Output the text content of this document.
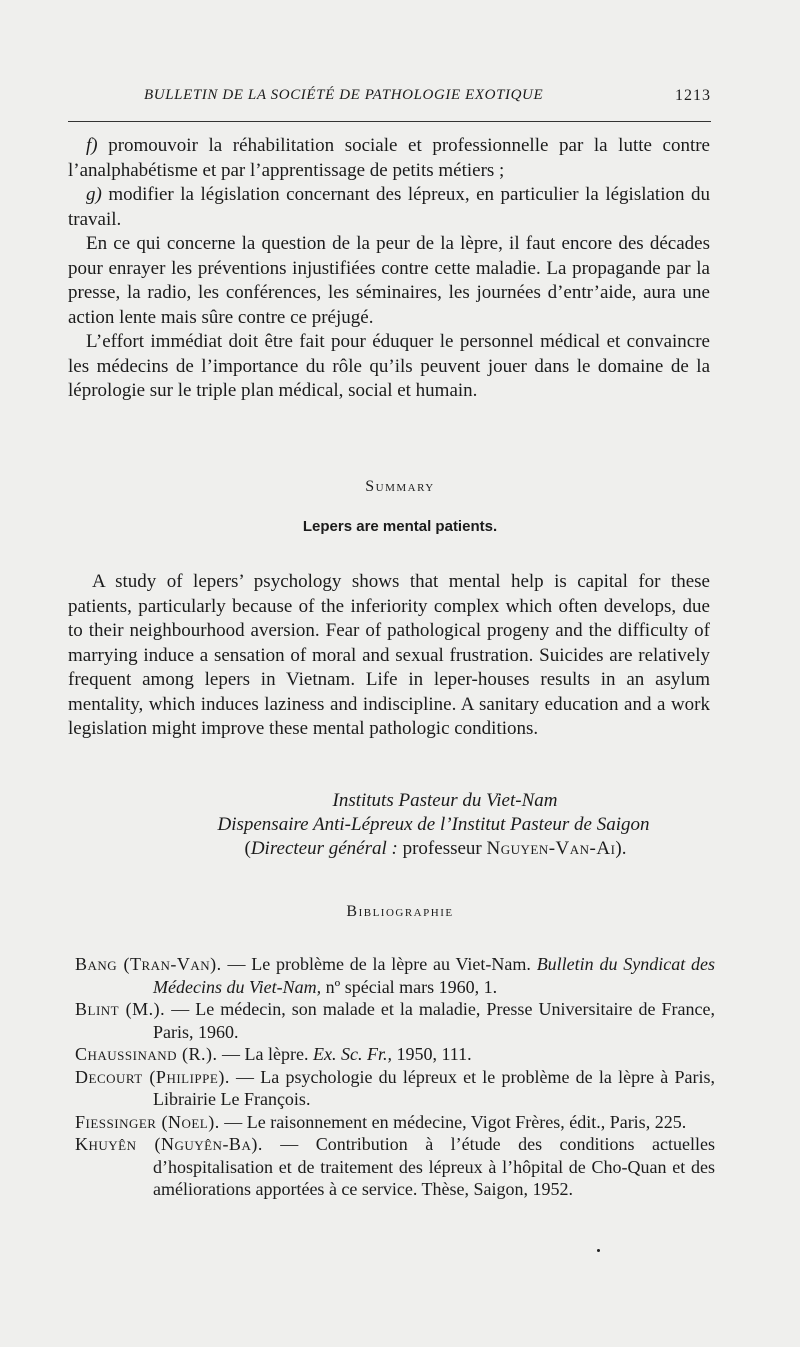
BULLETIN DE LA SOCIÉTÉ DE PATHOLOGIE EXOTIQUE	1213

f) promouvoir la réhabilitation sociale et professionnelle par la lutte contre l’analphabétisme et par l’apprentissage de petits métiers ;

g) modifier la législation concernant des lépreux, en particulier la législation du travail.

En ce qui concerne la question de la peur de la lèpre, il faut encore des décades pour enrayer les préventions injustifiées contre cette maladie. La propagande par la presse, la radio, les conférences, les séminaires, les journées d’entr’aide, aura une action lente mais sûre contre ce préjugé.

L’effort immédiat doit être fait pour éduquer le personnel médical et convaincre les médecins de l’importance du rôle qu’ils peuvent jouer dans le domaine de la léprologie sur le triple plan médical, social et humain.

Summary
Lepers are mental patients.

A study of lepers’ psychology shows that mental help is capital for these patients, particularly because of the inferiority complex which often develops, due to their neighbourhood aversion. Fear of pathological progeny and the difficulty of marrying induce a sensation of moral and sexual frustration. Suicides are relatively frequent among lepers in Vietnam. Life in leper-houses results in an asylum mentality, which induces laziness and indiscipline. A sanitary education and a work legislation might improve these mental pathologic conditions.

Instituts Pasteur du Viet-Nam
Dispensaire Anti-Lépreux de l’Institut Pasteur de Saigon
(Directeur général : professeur Nguyen-Van-Ai).
Bibliographie
Bang (Tran-Van). — Le problème de la lèpre au Viet-Nam. Bulletin du Syndicat des Médecins du Viet-Nam, nº spécial mars 1960, 1.
Blint (M.). — Le médecin, son malade et la maladie, Presse Universitaire de France, Paris, 1960.
Chaussinand (R.). — La lèpre. Ex. Sc. Fr., 1950, 111.
Decourt (Philippe). — La psychologie du lépreux et le problème de la lèpre à Paris, Librairie Le François.
Fiessinger (Noel). — Le raisonnement en médecine, Vigot Frères, édit., Paris, 225.
Khuyên (Nguyên-Ba). — Contribution à l’étude des conditions actuelles d’hospitalisation et de traitement des lépreux à l’hôpital de Cho-Quan et des améliorations apportées à ce service. Thèse, Saigon, 1952.
